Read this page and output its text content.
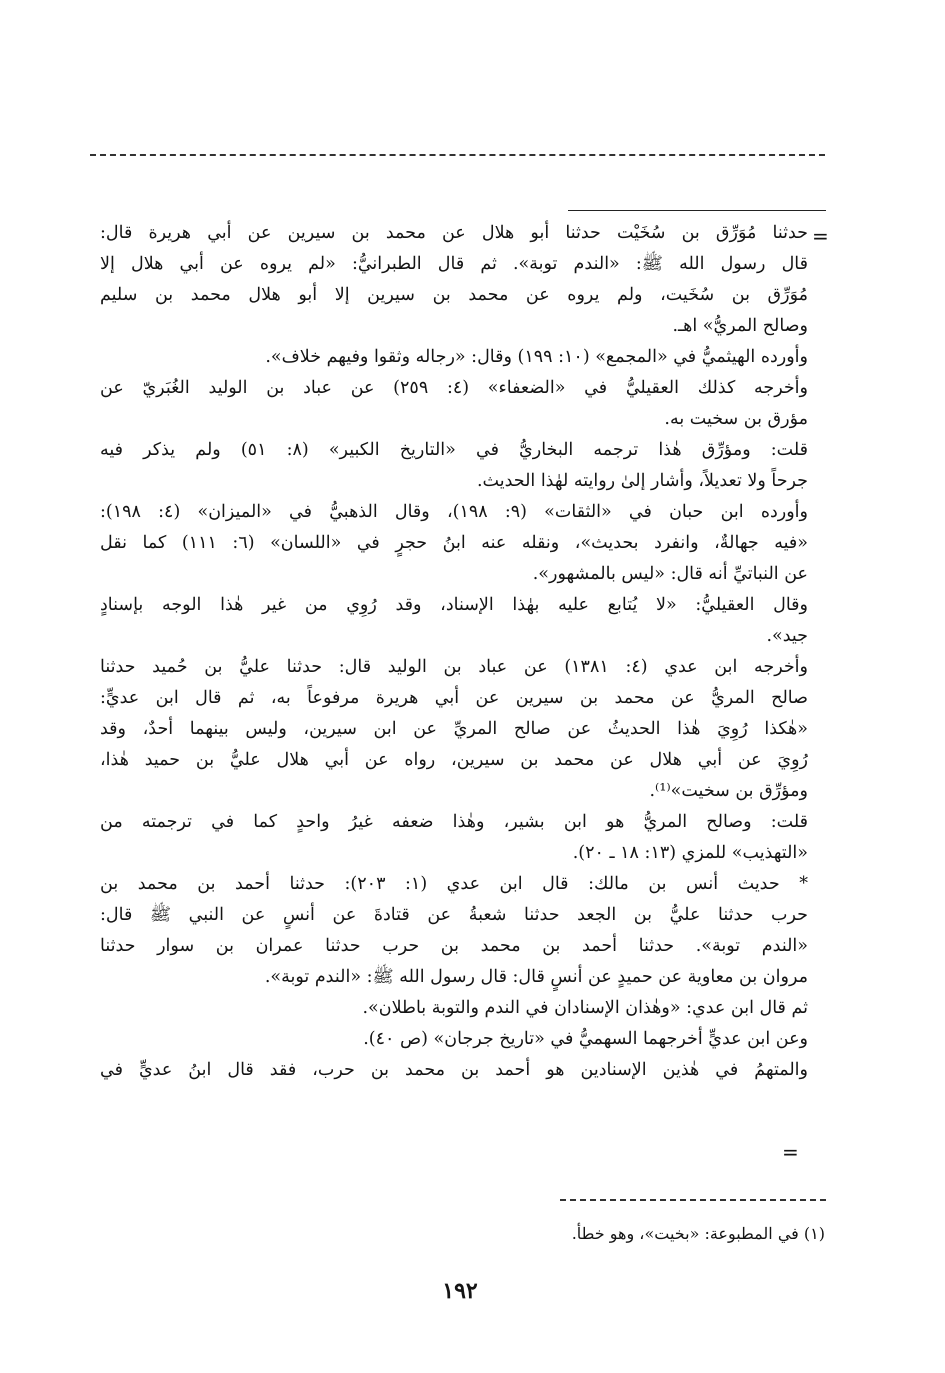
=
حدثنا مُوَرِّق بن سُخَيْت حدثنا أبو هلال عن محمد بن سيرين عن أبي هريرة قال:
قال رسول الله ﷺ: «الندم توبة». ثم قال الطبرانيُّ: «لم يروه عن أبي هلال إلا
مُوَرِّق بن سُخَيت، ولم يروه عن محمد بن سيرين إلا أبو هلال محمد بن سليم
وصالح المريُّ» اهـ.
وأورده الهيثميُّ في «المجمع» (١٠: ١٩٩) وقال: «رجاله وثقوا وفيهم خلاف».
وأخرجه كذلك العقيليُّ في «الضعفاء» (٤: ٢٥٩) عن عباد بن الوليد الغُبَريّ عن
مؤرق بن سخيت به.
قلت: ومؤرِّق هٰذا ترجمه البخاريُّ في «التاريخ الكبير» (٨: ٥١) ولم يذكر فيه
جرحاً ولا تعديلاً، وأشار إلىٰ روايته لهٰذا الحديث.
وأورده ابن حبان في «الثقات» (٩: ١٩٨)، وقال الذهبيُّ في «الميزان» (٤: ١٩٨):
«فيه جهالةٌ، وانفرد بحديث»، ونقله عنه ابنُ حجرٍ في «اللسان» (٦: ١١١) كما نقل
عن النباتيِّ أنه قال: «ليس بالمشهور».
وقال العقيليُّ: «لا يُتابع عليه بهٰذا الإسناد، وقد رُوِي من غير هٰذا الوجه بإسنادٍ
جيد».
وأخرجه ابن عدي (٤: ١٣٨١) عن عباد بن الوليد قال: حدثنا عليُّ بن حُميد حدثنا
صالح المريُّ عن محمد بن سيرين عن أبي هريرة مرفوعاً به، ثم قال ابن عديٍّ:
«هٰكذا رُوِيَ هٰذا الحديثُ عن صالح المريِّ عن ابن سيرين، وليس بينهما أحدٌ، وقد
رُوِيَ عن أبي هلال عن محمد بن سيرين، رواه عن أبي هلال عليُّ بن حميد هٰذا،
ومؤرِّق بن سخيت»⁽¹⁾.
قلت: وصالح المريُّ هو ابن بشير، وهٰذا ضعفه غيرُ واحدٍ كما في ترجمته من
«التهذيب» للمزي (١٣: ١٨ ـ ٢٠).
* حديث أنس بن مالك: قال ابن عدي (١: ٢٠٣): حدثنا أحمد بن محمد بن
حرب حدثنا عليُّ بن الجعد حدثنا شعبةُ عن قتادةَ عن أنسٍ عن النبي ﷺ قال:
«الندم توبة». حدثنا أحمد بن محمد بن حرب حدثنا عمران بن سوار حدثنا
مروان بن معاوية عن حميدٍ عن أنسٍ قال: قال رسول الله ﷺ: «الندم توبة».
ثم قال ابن عدي: «وهٰذان الإسنادان في الندم والتوبة باطلان».
وعن ابن عديٍّ أخرجهما السهميُّ في «تاريخ جرجان» (ص ٤٠).
والمتهمُ في هٰذين الإسنادين هو أحمد بن محمد بن حرب، فقد قال ابنُ عديٍّ في
=
(١) في المطبوعة: «بخيت»، وهو خطأ.
١٩٢
